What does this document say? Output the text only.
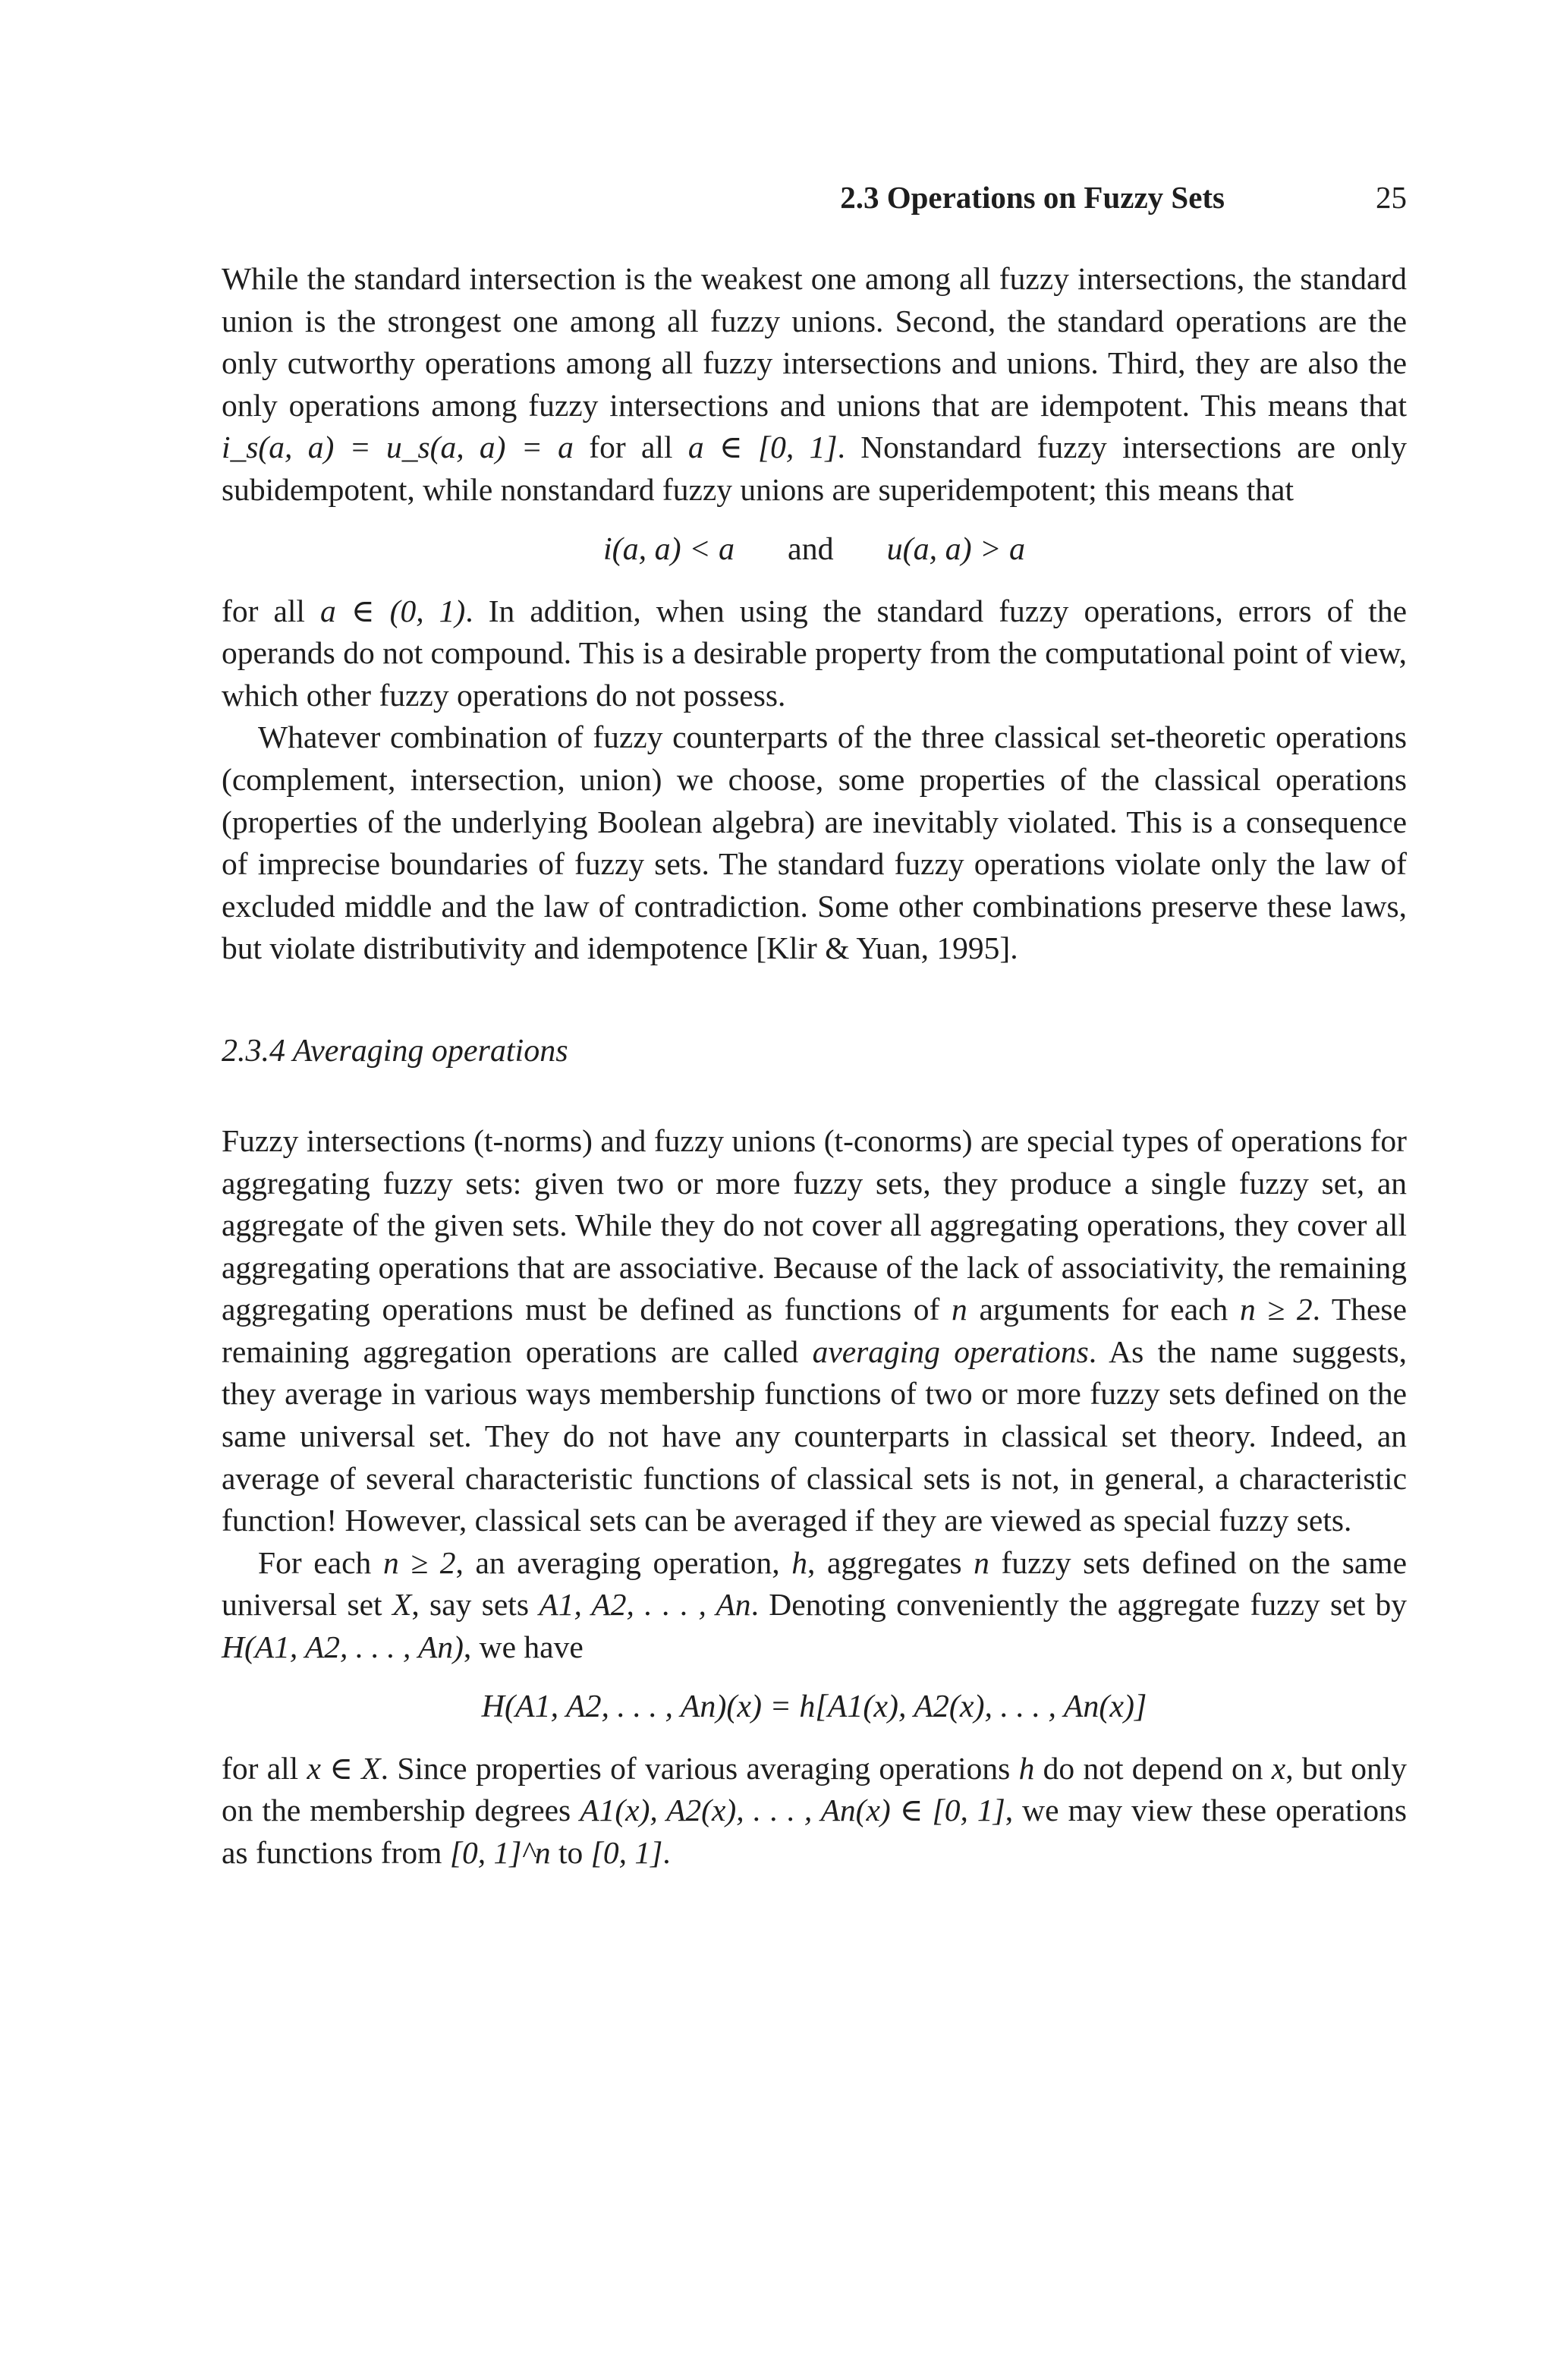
2.3 Operations on Fuzzy Sets	25

While the standard intersection is the weakest one among all fuzzy intersections, the standard union is the strongest one among all fuzzy unions. Second, the standard operations are the only cutworthy operations among all fuzzy intersections and unions. Third, they are also the only operations among fuzzy intersections and unions that are idempotent. This means that i_s(a, a) = u_s(a, a) = a for all a ∈ [0, 1]. Nonstandard fuzzy intersections are only subidempotent, while nonstandard fuzzy unions are superidempotent; this means that

i(a, a) < a and u(a, a) > a

for all a ∈ (0, 1). In addition, when using the standard fuzzy operations, errors of the operands do not compound. This is a desirable property from the computational point of view, which other fuzzy operations do not possess.

Whatever combination of fuzzy counterparts of the three classical set-theoretic operations (complement, intersection, union) we choose, some properties of the classical operations (properties of the underlying Boolean algebra) are inevitably violated. This is a consequence of imprecise boundaries of fuzzy sets. The standard fuzzy operations violate only the law of excluded middle and the law of contradiction. Some other combinations preserve these laws, but violate distributivity and idempotence [Klir & Yuan, 1995].

2.3.4 Averaging operations

Fuzzy intersections (t-norms) and fuzzy unions (t-conorms) are special types of operations for aggregating fuzzy sets: given two or more fuzzy sets, they produce a single fuzzy set, an aggregate of the given sets. While they do not cover all aggregating operations, they cover all aggregating operations that are associative. Because of the lack of associativity, the remaining aggregating operations must be defined as functions of n arguments for each n ≥ 2. These remaining aggregation operations are called averaging operations. As the name suggests, they average in various ways membership functions of two or more fuzzy sets defined on the same universal set. They do not have any counterparts in classical set theory. Indeed, an average of several characteristic functions of classical sets is not, in general, a characteristic function! However, classical sets can be averaged if they are viewed as special fuzzy sets.

For each n ≥ 2, an averaging operation, h, aggregates n fuzzy sets defined on the same universal set X, say sets A1, A2, . . . , An. Denoting conveniently the aggregate fuzzy set by H(A1, A2, . . . , An), we have

H(A1, A2, . . . , An)(x) = h[A1(x), A2(x), . . . , An(x)]

for all x ∈ X. Since properties of various averaging operations h do not depend on x, but only on the membership degrees A1(x), A2(x), . . . , An(x) ∈ [0, 1], we may view these operations as functions from [0, 1]^n to [0, 1].
